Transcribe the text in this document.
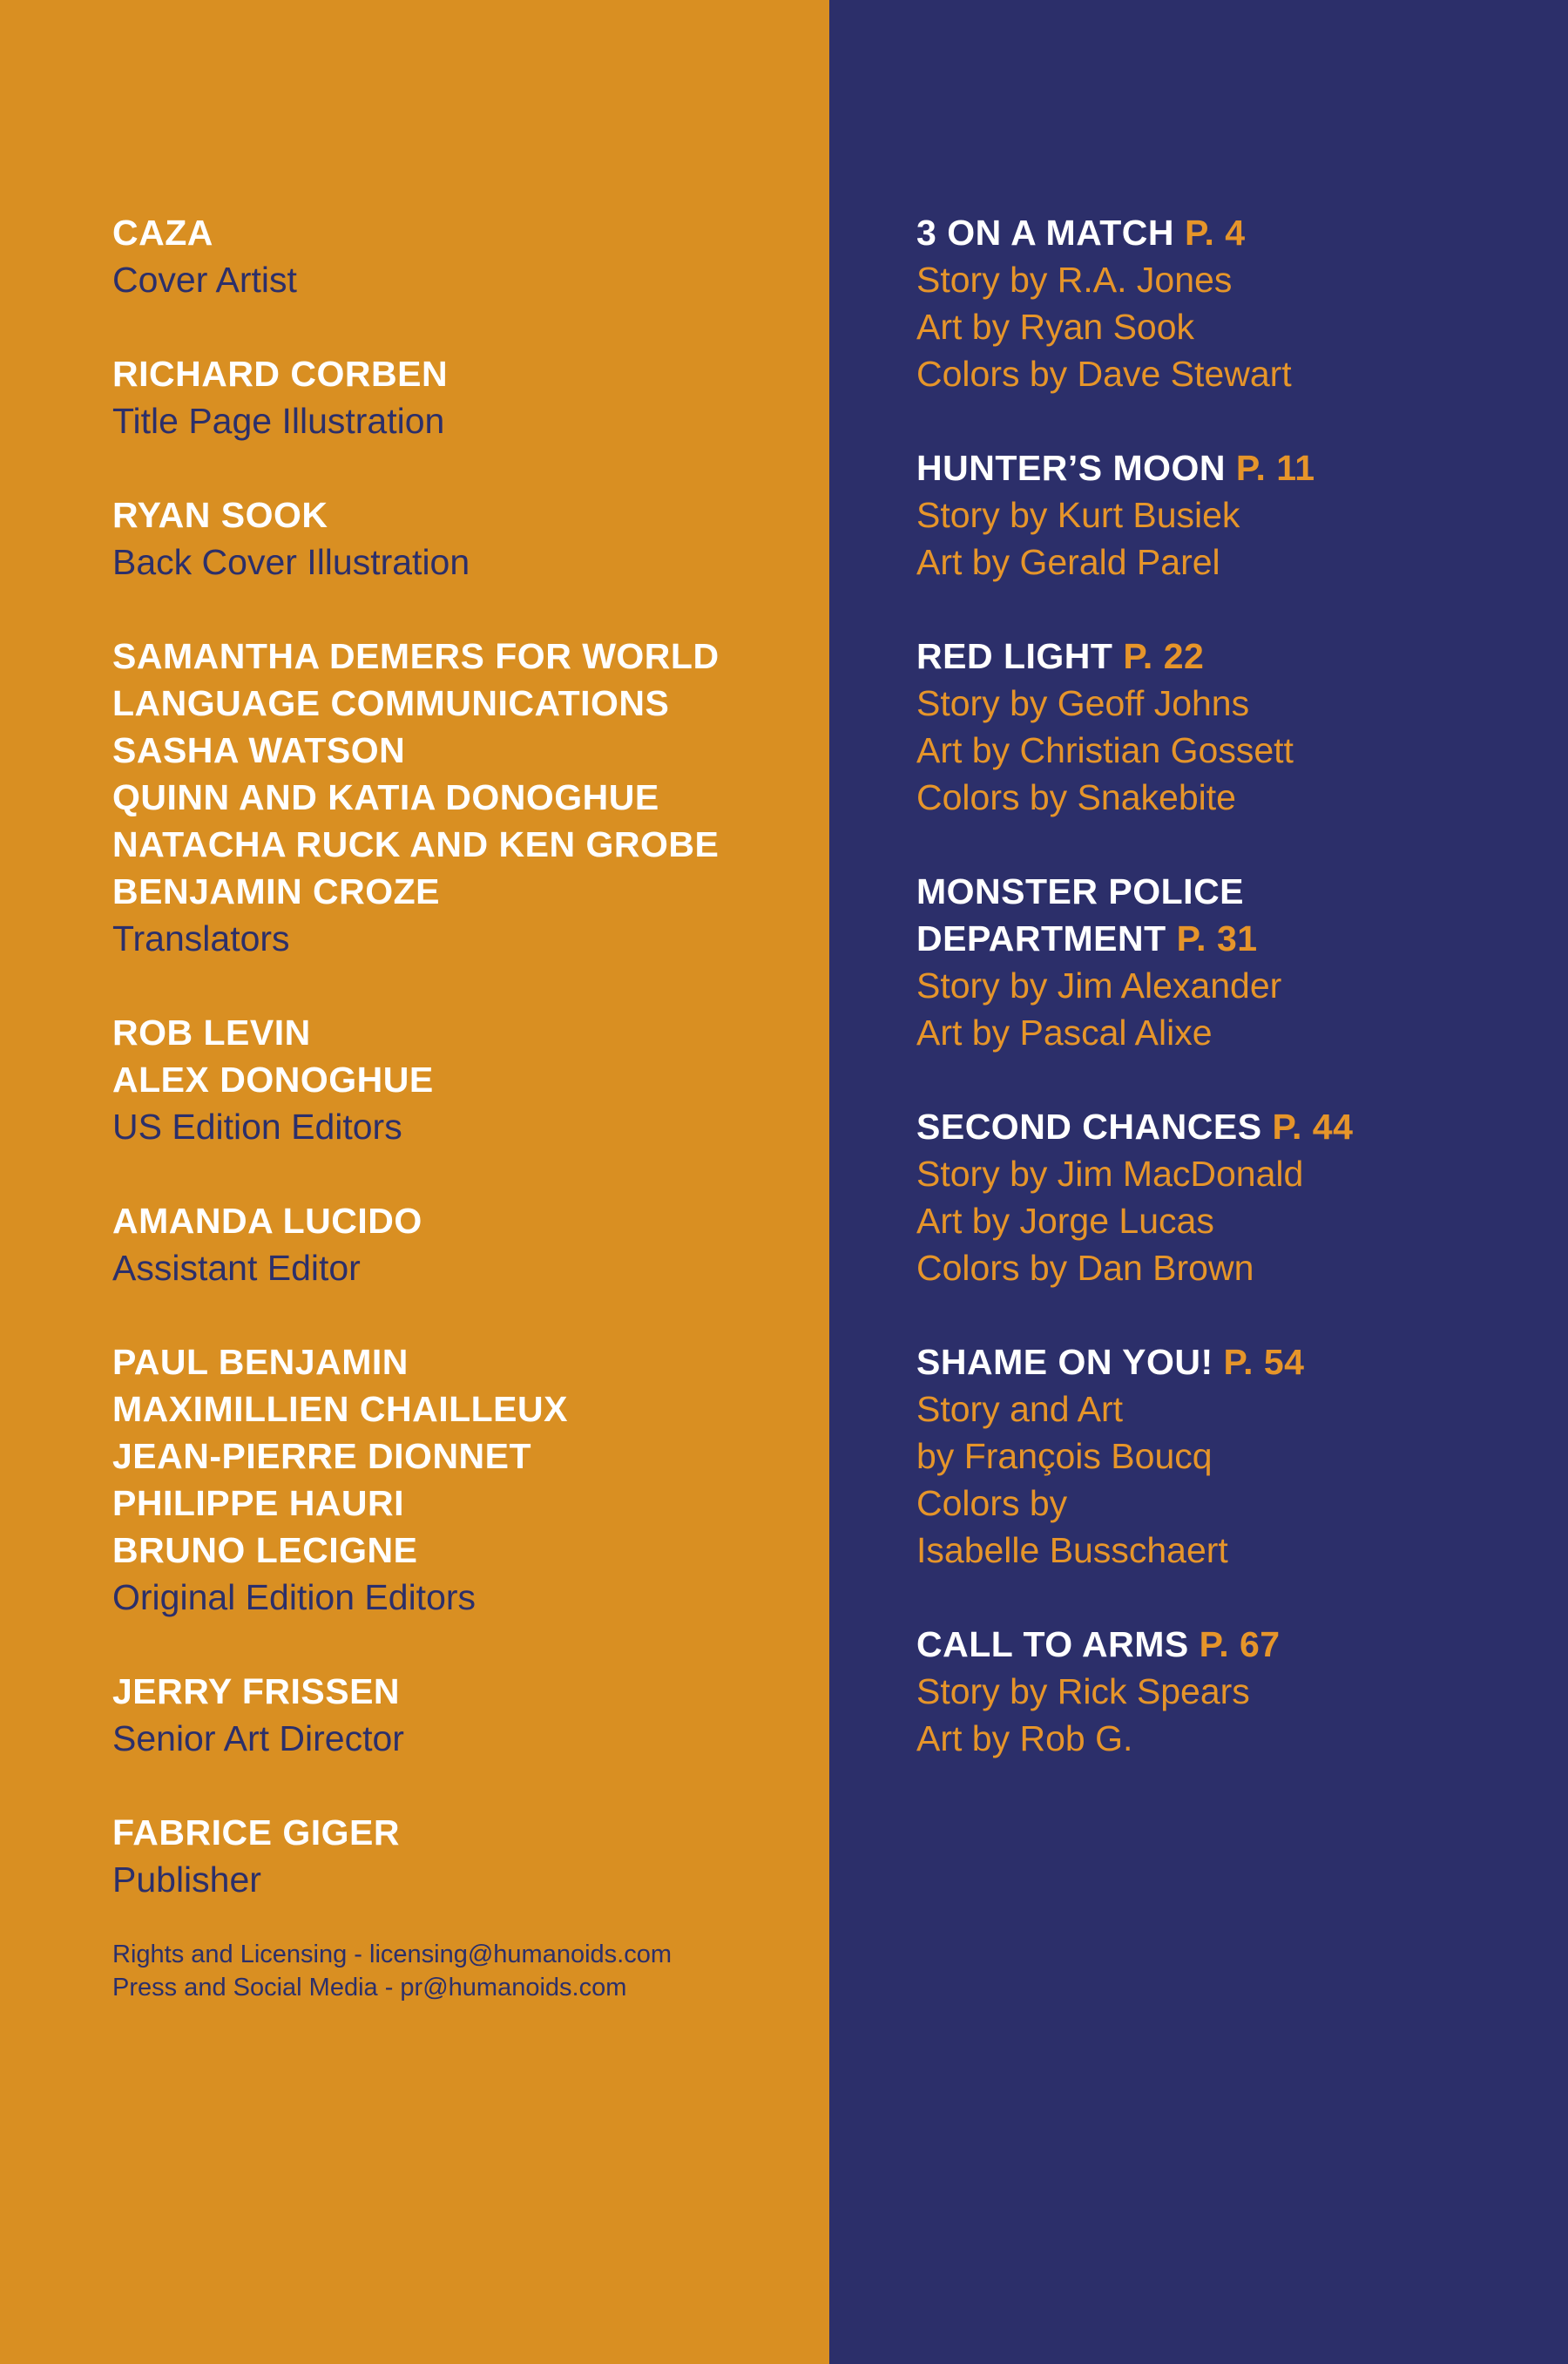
CAZA
Cover Artist
RICHARD CORBEN
Title Page Illustration
RYAN SOOK
Back Cover Illustration
SAMANTHA DEMERS FOR WORLD
LANGUAGE COMMUNICATIONS
SASHA WATSON
QUINN AND KATIA DONOGHUE
NATACHA RUCK AND KEN GROBE
BENJAMIN CROZE
Translators
ROB LEVIN
ALEX DONOGHUE
US Edition Editors
AMANDA LUCIDO
Assistant Editor
PAUL BENJAMIN
MAXIMILLIEN CHAILLEUX
JEAN-PIERRE DIONNET
PHILIPPE HAURI
BRUNO LECIGNE
Original Edition Editors
JERRY FRISSEN
Senior Art Director
FABRICE GIGER
Publisher
Rights and Licensing - licensing@humanoids.com
Press and Social Media - pr@humanoids.com
3 ON A MATCH P. 4
Story by R.A. Jones
Art by Ryan Sook
Colors by Dave Stewart
HUNTER’S MOON P. 11
Story by Kurt Busiek
Art by Gerald Parel
RED LIGHT P. 22
Story by Geoff Johns
Art by Christian Gossett
Colors by Snakebite
MONSTER POLICE
DEPARTMENT P. 31
Story by Jim Alexander
Art by Pascal Alixe
SECOND CHANCES P. 44
Story by Jim MacDonald
Art by Jorge Lucas
Colors by Dan Brown
SHAME ON YOU! P. 54
Story and Art
by François Boucq
Colors by
Isabelle Busschaert
CALL TO ARMS P. 67
Story by Rick Spears
Art by Rob G.
